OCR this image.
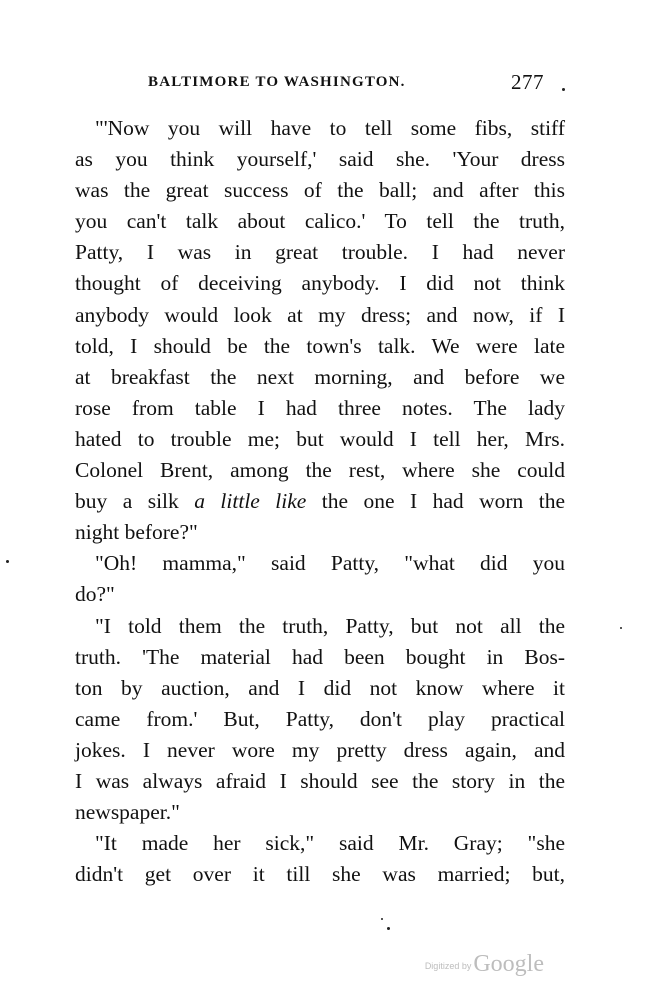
BALTIMORE TO WASHINGTON.	277
"'Now you will have to tell some fibs, stiff
as you think yourself,' said she. 'Your dress
was the great success of the ball; and after this
you can't talk about calico.' To tell the truth,
Patty, I was in great trouble. I had never
thought of deceiving anybody. I did not think
anybody would look at my dress; and now, if I
told, I should be the town's talk. We were late
at breakfast the next morning, and before we
rose from table I had three notes. The lady
hated to trouble me; but would I tell her, Mrs.
Colonel Brent, among the rest, where she could
buy a silk a little like the one I had worn the
night before?"
"Oh! mamma," said Patty, "what did you
do?"
"I told them the truth, Patty, but not all the
truth. 'The material had been bought in Bos-
ton by auction, and I did not know where it
came from.' But, Patty, don't play practical
jokes. I never wore my pretty dress again, and
I was always afraid I should see the story in the
newspaper."
"It made her sick," said Mr. Gray; "she
didn't get over it till she was married; but,
Digitized byGoogle
